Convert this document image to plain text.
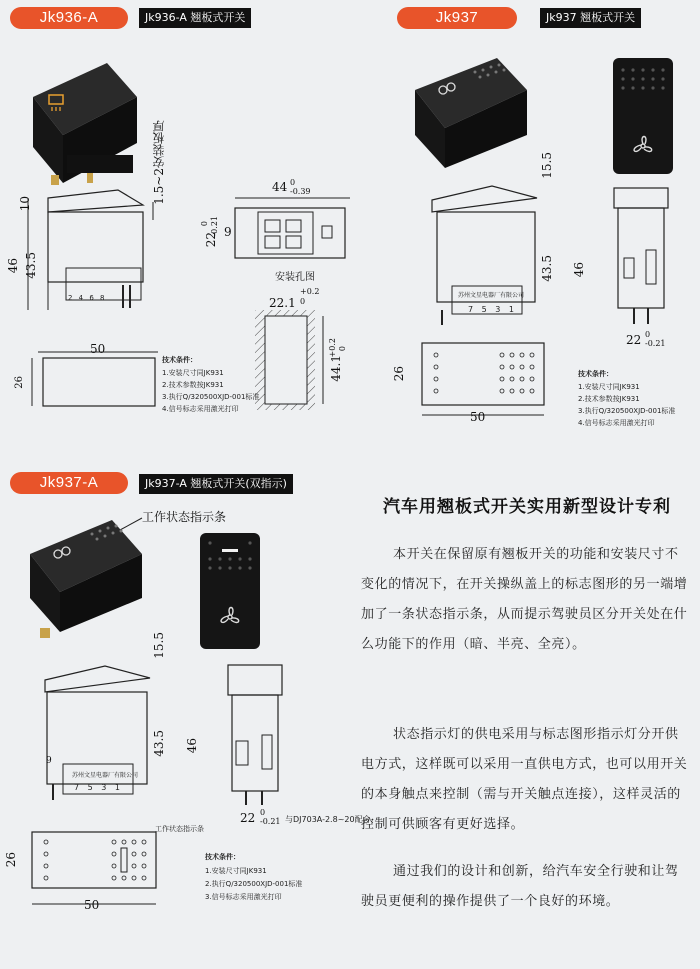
Jk936-A	Jk936-A 翘板式开关
1.5~2安装板厚
10
46 43.5
2 4 6 8
44 0
-0.39
22
0 -0.21 9
安装孔图
22.1
+0.2
0
44.1
+0.2 0
50
26
技术条件：
1.安装尺寸同JK931
2.技术参数按JK931
3.执行Q/320500XJD-001标准
4.信号标志采用激光打印
Jk937	Jk937 翘板式开关
15.5
苏州文星电器厂有限公司
7 5 3 1
43.5 46
22 0
-0.21
26
50
技术条件：
1.安装尺寸同JK931
2.技术参数按JK931
3.执行Q/320500XJD-001标准
4.信号标志采用激光打印
Jk937-A	Jk937-A 翘板式开关(双指示)
工作状态指示条
15.5
苏州文星电器厂有限公司
7 5 3 1
9
43.5 46
22 0
-0.21 与DJ703A-2.8~20配合
工作状态指示条
26
50
技术条件：
1.安装尺寸同JK931
2.执行Q/320500XJD-001标准
3.信号标志采用激光打印
汽车用翘板式开关实用新型设计专利

本开关在保留原有翘板开关的功能和安装尺寸不变化的情况下，在开关操纵盖上的标志图形的另一端增加了一条状态指示条，从而提示驾驶员区分开关处在什么功能下的作用（暗、半亮、全亮）。

状态指示灯的供电采用与标志图形指示灯分开供电方式，这样既可以采用一直供电方式，也可以用开关的本身触点来控制（需与开关触点连接），这样灵活的控制可供顾客有更好选择。

通过我们的设计和创新，给汽车安全行驶和让驾驶员更便利的操作提供了一个良好的环境。
